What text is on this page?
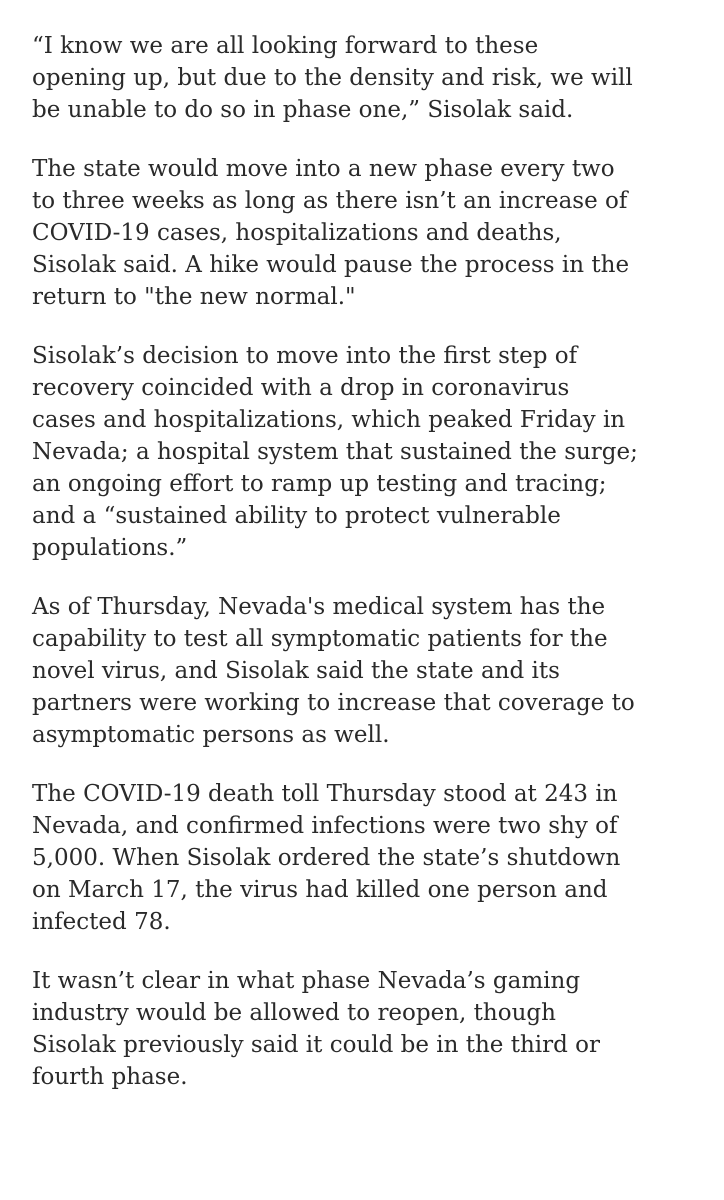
“I know we are all looking forward to these
opening up, but due to the density and risk, we will
be unable to do so in phase one,” Sisolak said.

The state would move into a new phase every two
to three weeks as long as there isn’t an increase of
COVID-19 cases, hospitalizations and deaths,
Sisolak said. A hike would pause the process in the
return to "the new normal."

Sisolak’s decision to move into the first step of
recovery coincided with a drop in coronavirus
cases and hospitalizations, which peaked Friday in
Nevada; a hospital system that sustained the surge;
an ongoing effort to ramp up testing and tracing;
and a “sustained ability to protect vulnerable
populations.”

As of Thursday, Nevada's medical system has the
capability to test all symptomatic patients for the
novel virus, and Sisolak said the state and its
partners were working to increase that coverage to
asymptomatic persons as well.

The COVID-19 death toll Thursday stood at 243 in
Nevada, and confirmed infections were two shy of
5,000. When Sisolak ordered the state’s shutdown
on March 17, the virus had killed one person and
infected 78.

It wasn’t clear in what phase Nevada’s gaming
industry would be allowed to reopen, though
Sisolak previously said it could be in the third or
fourth phase.
